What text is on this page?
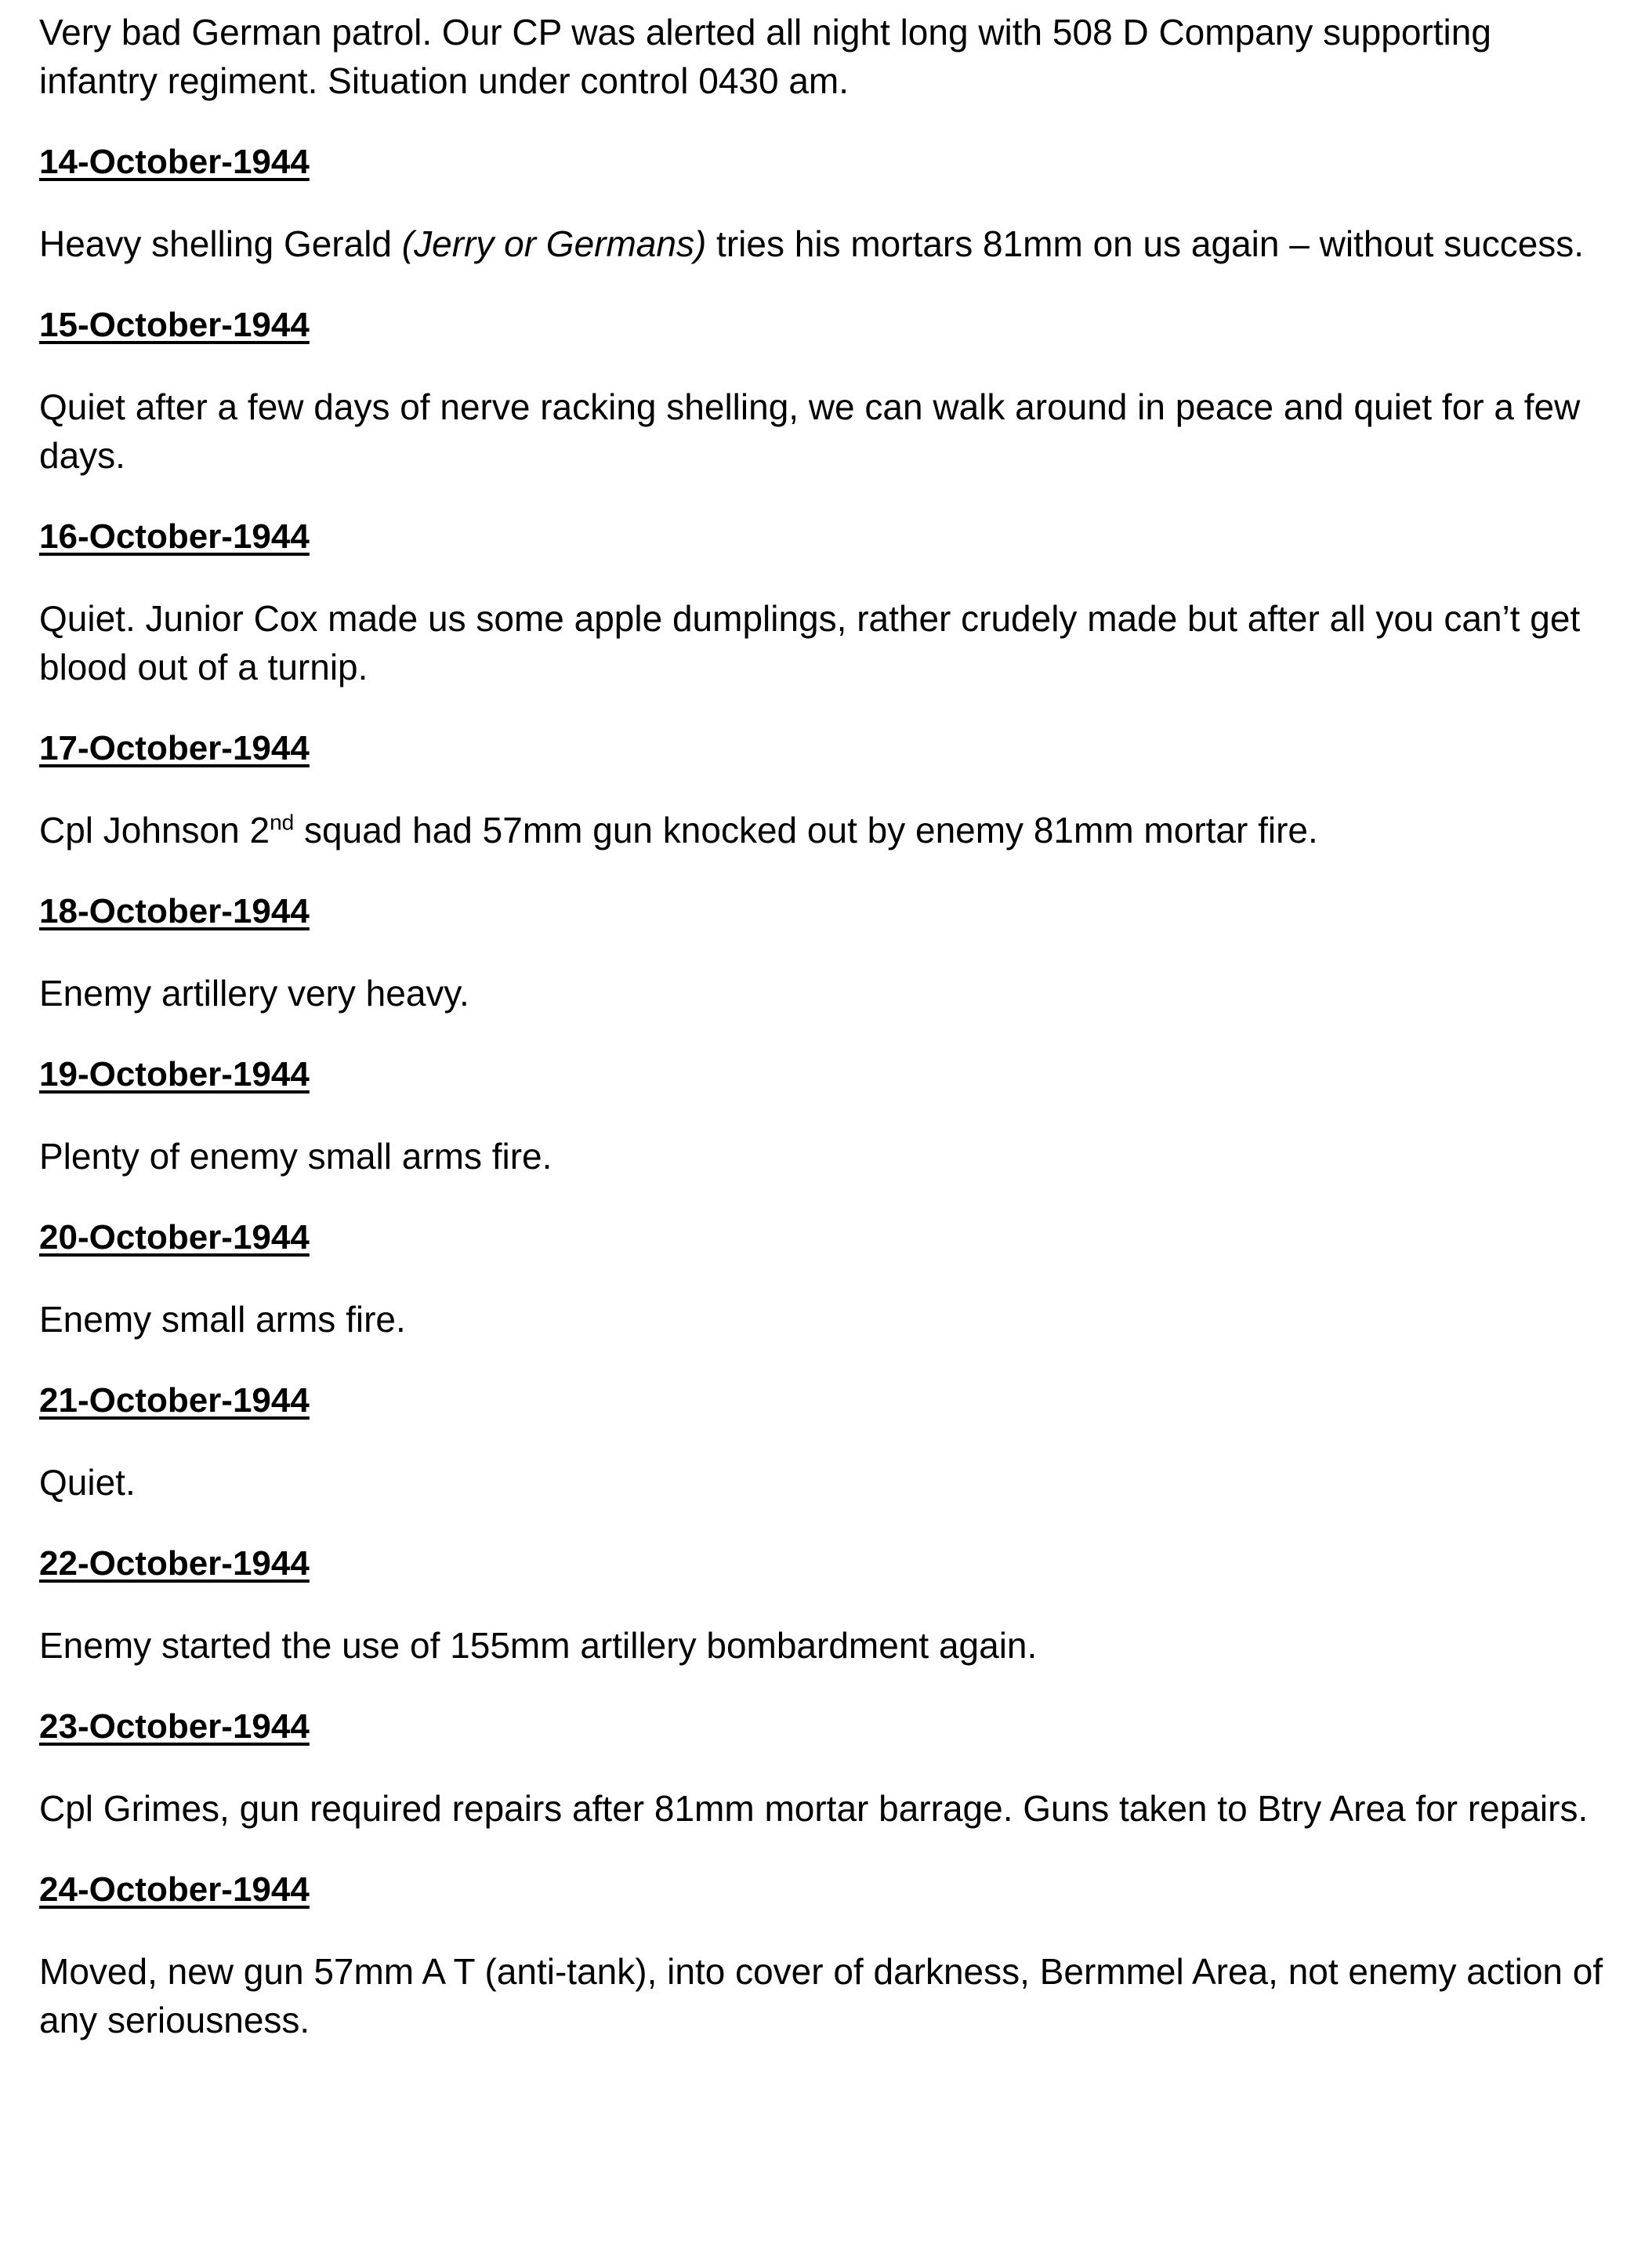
Very bad German patrol. Our CP was alerted all night long with 508 D Company supporting infantry regiment. Situation under control 0430 am.

14-October-1944

Heavy shelling Gerald (Jerry or Germans) tries his mortars 81mm on us again – without success.

15-October-1944

Quiet after a few days of nerve racking shelling, we can walk around in peace and quiet for a few days.

16-October-1944

Quiet. Junior Cox made us some apple dumplings, rather crudely made but after all you can’t get blood out of a turnip.

17-October-1944

Cpl Johnson 2nd squad had 57mm gun knocked out by enemy 81mm mortar fire.

18-October-1944

Enemy artillery very heavy.

19-October-1944

Plenty of enemy small arms fire.

20-October-1944

Enemy small arms fire.

21-October-1944

Quiet.

22-October-1944

Enemy started the use of 155mm artillery bombardment again.

23-October-1944

Cpl Grimes, gun required repairs after 81mm mortar barrage. Guns taken to Btry Area for repairs.

24-October-1944

Moved, new gun 57mm A T (anti-tank), into cover of darkness, Bermmel Area, not enemy action of any seriousness.
